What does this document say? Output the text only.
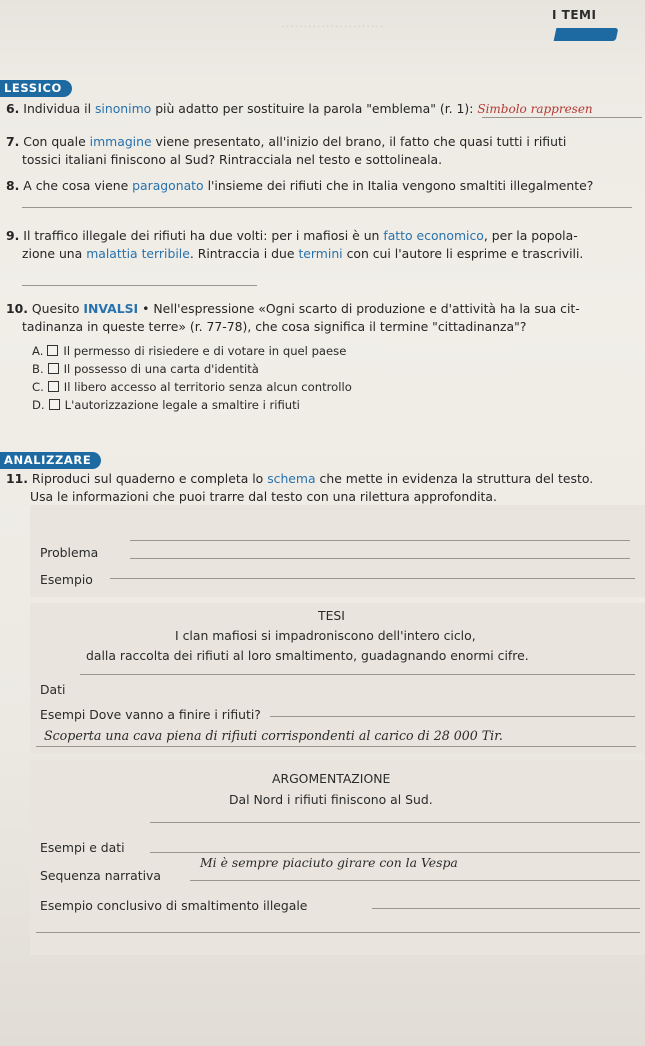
·······················
I TEMI
LESSICO
6. Individua il sinonimo più adatto per sostituire la parola "emblema" (r. 1): Simbolo rappresen
7. Con quale immagine viene presentato, all'inizio del brano, il fatto che quasi tutti i rifiuti
tossici italiani finiscono al Sud? Rintracciala nel testo e sottolineala.
8. A che cosa viene paragonato l'insieme dei rifiuti che in Italia vengono smaltiti illegalmente?
9. Il traffico illegale dei rifiuti ha due volti: per i mafiosi è un fatto economico, per la popola-
zione una malattia terribile. Rintraccia i due termini con cui l'autore li esprime e trascrivili.
10. Quesito INVALSI • Nell'espressione «Ogni scarto di produzione e d'attività ha la sua cit-
tadinanza in queste terre» (r. 77-78), che cosa significa il termine "cittadinanza"?
A. Il permesso di risiedere e di votare in quel paese
B. Il possesso di una carta d'identità
C. Il libero accesso al territorio senza alcun controllo
D. L'autorizzazione legale a smaltire i rifiuti
ANALIZZARE
11. Riproduci sul quaderno e completa lo schema che mette in evidenza la struttura del testo.
Usa le informazioni che puoi trarre dal testo con una rilettura approfondita.
Problema
Esempio
TESI
I clan mafiosi si impadroniscono dell'intero ciclo,
dalla raccolta dei rifiuti al loro smaltimento, guadagnando enormi cifre.
Dati
Esempi Dove vanno a finire i rifiuti?
Scoperta una cava piena di rifiuti corrispondenti al carico di 28 000 Tir.
ARGOMENTAZIONE
Dal Nord i rifiuti finiscono al Sud.
Esempi e dati
Sequenza narrativa
Mi è sempre piaciuto girare con la Vespa
Esempio conclusivo di smaltimento illegale
